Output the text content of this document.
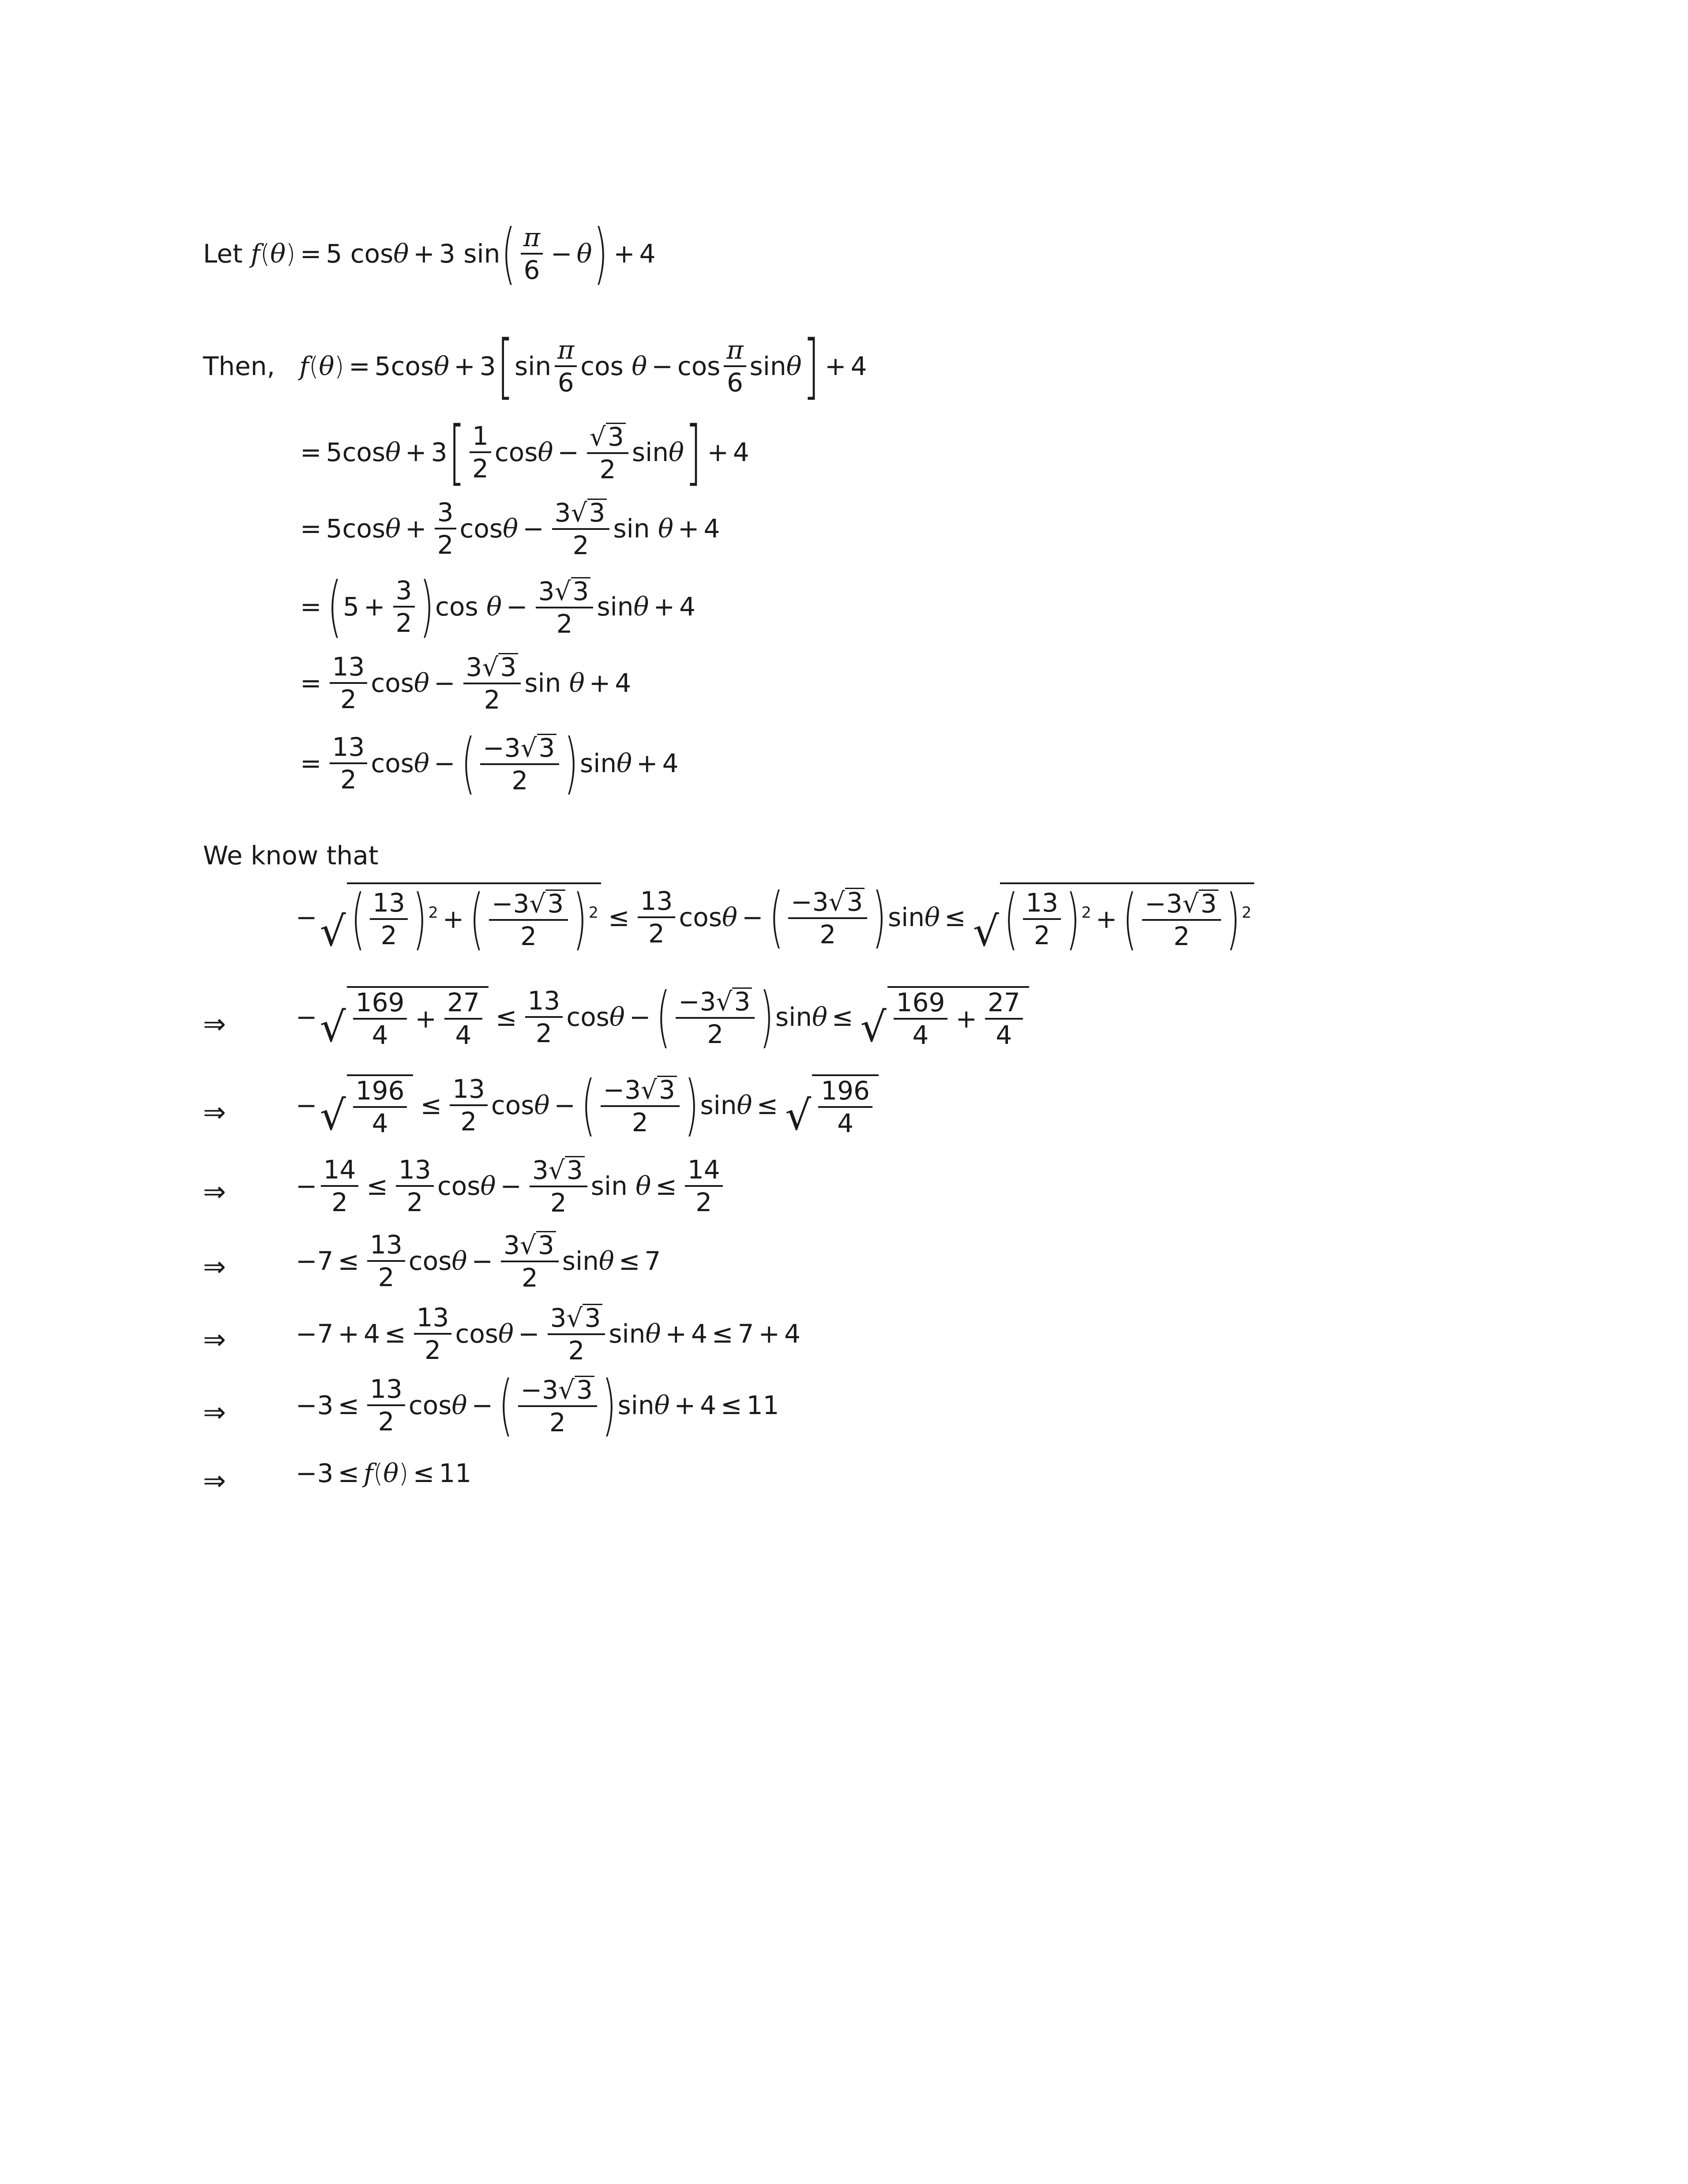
Let
f ( θ ) = 5
cos θ + 3
sin ( $\frac{\pi}{6} - \theta$ ) + 4
Then,
f ( θ ) = 5 cos θ + 3 [ $\sin \frac{\pi}{6}$ cos
$\theta - \cos \frac{\pi}{6}$ sin θ ] + 4
= 5 cos θ + 3 [ $\frac{1}{2}$ $\cos \theta - \frac{√ 3}{2}$ sin θ ] + 4
= 5 $\cos \theta + \frac{3}{2}$ $\cos \theta - \frac{3√ 3}{2}$ sin
θ + 4
= ( $5 + \frac{3}{2}$ ) cos
$\theta - \frac{3√ 3}{2}$ sin θ + 4
= $\frac{13}{2}$ $\cos \theta - \frac{3√ 3}{2}$ sin
θ + 4
= $\frac{13}{2}$ cos θ − ( $\frac{-3√ 3}{2}$ ) sin θ + 4
We know that
− √ ( $\frac{13}{2} )^2$ + ( $\frac{-3√ 3}{2} )^2 \le \frac{13}{2}$ cos θ − ( $\frac{-3√ 3}{2}$ ) sin θ ≤ √ ( $\frac{13}{2} )^2$ + ( $\frac{-3√ 3}{2} )^2$
⇒	− √ $\frac{169}{4} + \frac{27}{4} \le \frac{13}{2}$ cos θ − ( $\frac{-3√ 3}{2}$ ) sin θ ≤ √ $\frac{169}{4} + \frac{27}{4}$
⇒	− √ $\frac{196}{4} \le \frac{13}{2}$ cos θ − ( $\frac{-3√ 3}{2}$ ) sin θ ≤ √ $\frac{196}{4}$
⇒	− $\frac{14}{2} \le \frac{13}{2}$ $\cos \theta - \frac{3√ 3}{2}$ sin
$\theta \le \frac{14}{2}$
⇒	$-7 \le \frac{13}{2}$ $\cos \theta - \frac{3√ 3}{2}$ sin θ ≤ 7
⇒	$-7 + 4 \le \frac{13}{2}$ $\cos \theta - \frac{3√ 3}{2}$ sin θ + 4 ≤ 7 + 4
⇒	$-3 \le \frac{13}{2}$ cos θ − ( $\frac{-3√ 3}{2}$ ) sin θ + 4 ≤ 11
⇒	−3 ≤ f ( θ ) ≤ 11
